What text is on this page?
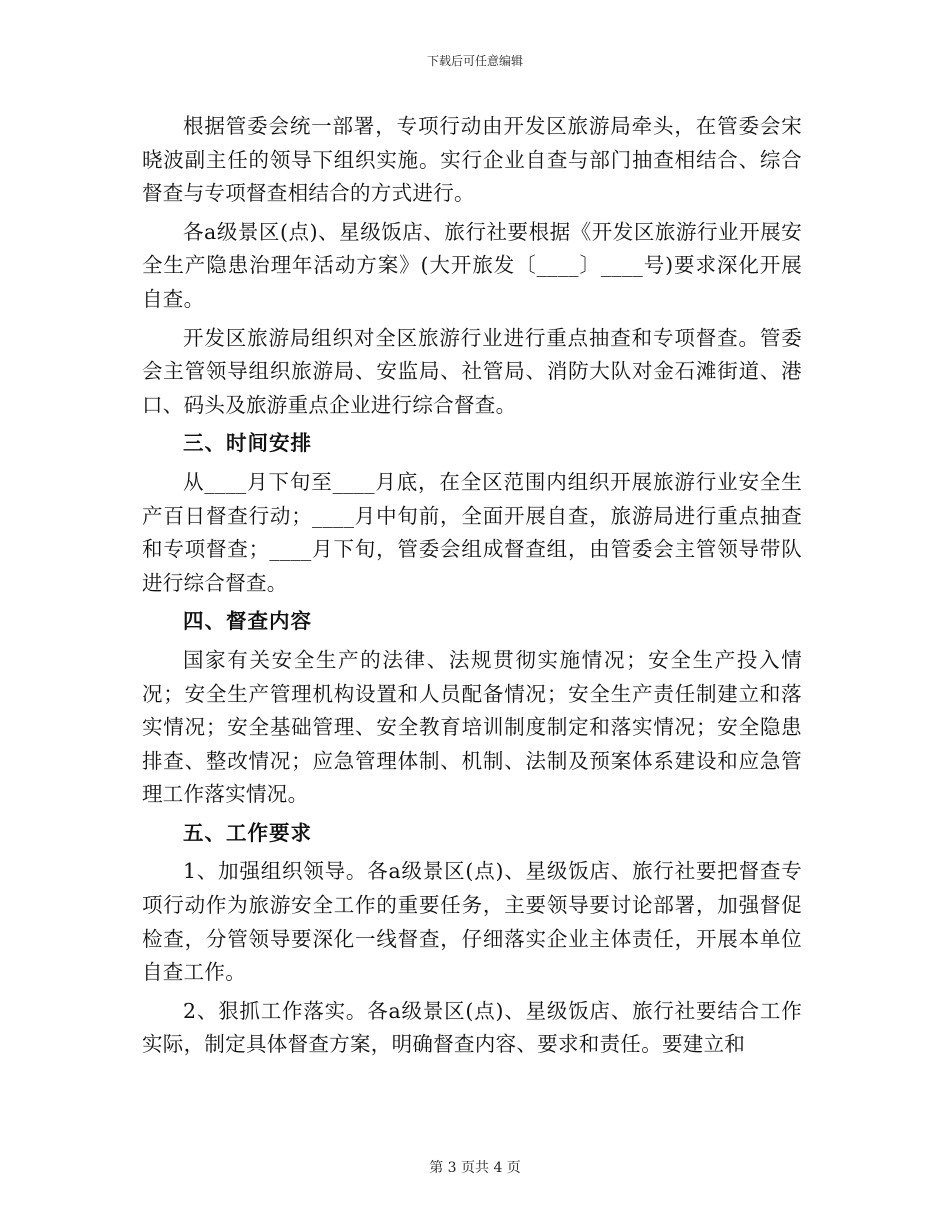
下载后可任意编辑

根据管委会统一部署，专项行动由开发区旅游局牵头，在管委会宋晓波副主任的领导下组织实施。实行企业自查与部门抽查相结合、综合督查与专项督查相结合的方式进行。

各a级景区(点)、星级饭店、旅行社要根据《开发区旅游行业开展安全生产隐患治理年活动方案》(大开旅发〔____〕____号)要求深化开展自查。

开发区旅游局组织对全区旅游行业进行重点抽查和专项督查。管委会主管领导组织旅游局、安监局、社管局、消防大队对金石滩街道、港口、码头及旅游重点企业进行综合督查。

三、时间安排

从____月下旬至____月底，在全区范围内组织开展旅游行业安全生产百日督查行动；____月中旬前，全面开展自查，旅游局进行重点抽查和专项督查；____月下旬，管委会组成督查组，由管委会主管领导带队进行综合督查。

四、督查内容

国家有关安全生产的法律、法规贯彻实施情况；安全生产投入情况；安全生产管理机构设置和人员配备情况；安全生产责任制建立和落实情况；安全基础管理、安全教育培训制度制定和落实情况；安全隐患排查、整改情况；应急管理体制、机制、法制及预案体系建设和应急管理工作落实情况。

五、工作要求

1、加强组织领导。各a级景区(点)、星级饭店、旅行社要把督查专项行动作为旅游安全工作的重要任务，主要领导要讨论部署，加强督促检查，分管领导要深化一线督查，仔细落实企业主体责任，开展本单位自查工作。

2、狠抓工作落实。各a级景区(点)、星级饭店、旅行社要结合工作实际，制定具体督查方案，明确督查内容、要求和责任。要建立和

第 3 页共 4 页
